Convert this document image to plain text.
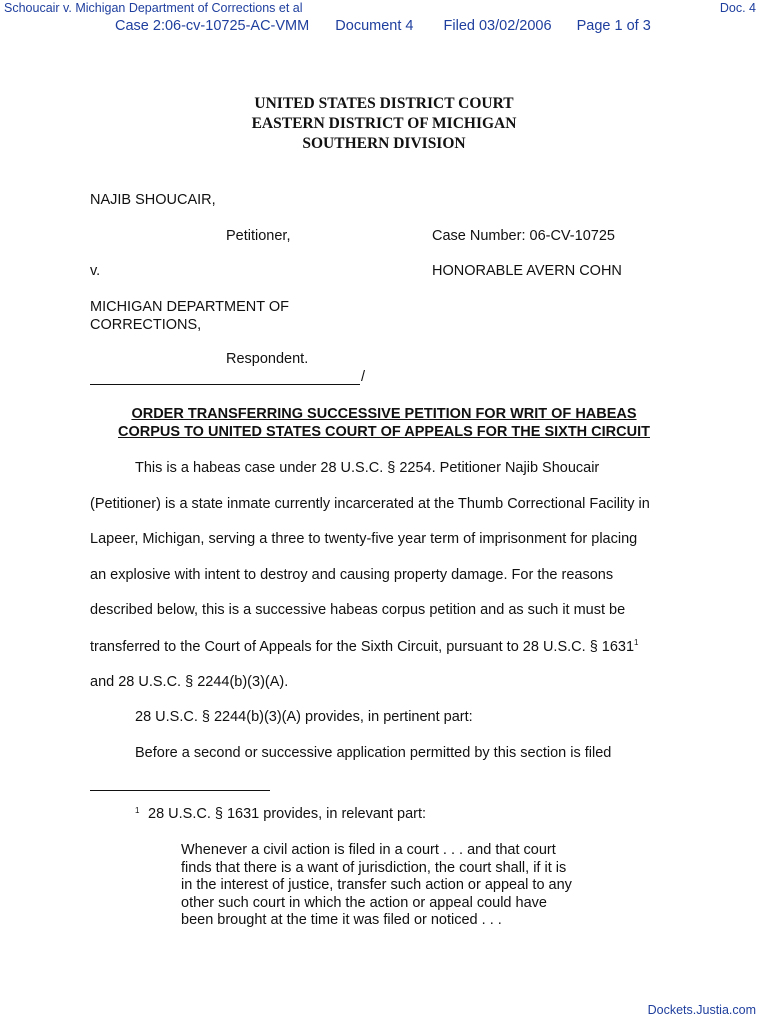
Schoucair v. Michigan Department of Corrections et al	Doc. 4
Case 2:06-cv-10725-AC-VMM Document 4 Filed 03/02/2006 Page 1 of 3
UNITED STATES DISTRICT COURT
EASTERN DISTRICT OF MICHIGAN
SOUTHERN DIVISION
NAJIB SHOUCAIR,
Petitioner,	Case Number: 06-CV-10725
v.	HONORABLE AVERN COHN
MICHIGAN DEPARTMENT OF
CORRECTIONS,
Respondent.
/
ORDER TRANSFERRING SUCCESSIVE PETITION FOR WRIT OF HABEAS
CORPUS TO UNITED STATES COURT OF APPEALS FOR THE SIXTH CIRCUIT
This is a habeas case under 28 U.S.C. § 2254. Petitioner Najib Shoucair
(Petitioner) is a state inmate currently incarcerated at the Thumb Correctional Facility in
Lapeer, Michigan, serving a three to twenty-five year term of imprisonment for placing
an explosive with intent to destroy and causing property damage. For the reasons
described below, this is a successive habeas corpus petition and as such it must be
transferred to the Court of Appeals for the Sixth Circuit, pursuant to 28 U.S.C. § 1631$^1$
and 28 U.S.C. § 2244(b)(3)(A).
28 U.S.C. § 2244(b)(3)(A) provides, in pertinent part:
Before a second or successive application permitted by this section is filed
1 28 U.S.C. § 1631 provides, in relevant part:
Whenever a civil action is filed in a court . . . and that court
finds that there is a want of jurisdiction, the court shall, if it is
in the interest of justice, transfer such action or appeal to any
other such court in which the action or appeal could have
been brought at the time it was filed or noticed . . .
Dockets.Justia.com
